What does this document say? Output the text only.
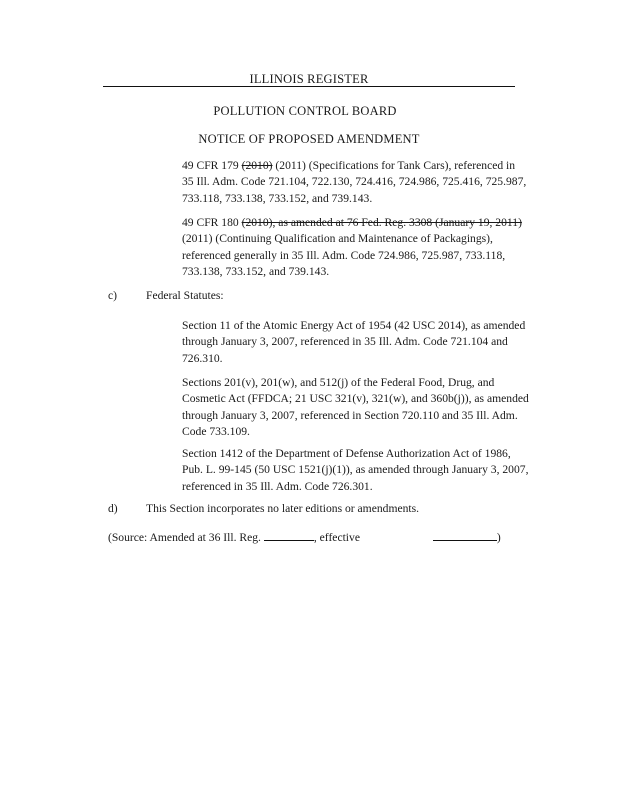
ILLINOIS REGISTER
POLLUTION CONTROL BOARD
NOTICE OF PROPOSED AMENDMENT
49 CFR 179 (2010) (2011) (Specifications for Tank Cars), referenced in
35 Ill. Adm. Code 721.104, 722.130, 724.416, 724.986, 725.416, 725.987,
733.118, 733.138, 733.152, and 739.143.
49 CFR 180 (2010), as amended at 76 Fed. Reg. 3308 (January 19, 2011)
(2011) (Continuing Qualification and Maintenance of Packagings),
referenced generally in 35 Ill. Adm. Code 724.986, 725.987, 733.118,
733.138, 733.152, and 739.143.
c) Federal Statutes:
Section 11 of the Atomic Energy Act of 1954 (42 USC 2014), as amended
through January 3, 2007, referenced in 35 Ill. Adm. Code 721.104 and
726.310.
Sections 201(v), 201(w), and 512(j) of the Federal Food, Drug, and
Cosmetic Act (FFDCA; 21 USC 321(v), 321(w), and 360b(j)), as amended
through January 3, 2007, referenced in Section 720.110 and 35 Ill. Adm.
Code 733.109.
Section 1412 of the Department of Defense Authorization Act of 1986,
Pub. L. 99-145 (50 USC 1521(j)(1)), as amended through January 3, 2007,
referenced in 35 Ill. Adm. Code 726.301.
d) This Section incorporates no later editions or amendments.
(Source: Amended at 36 Ill. Reg.	, effective	)
